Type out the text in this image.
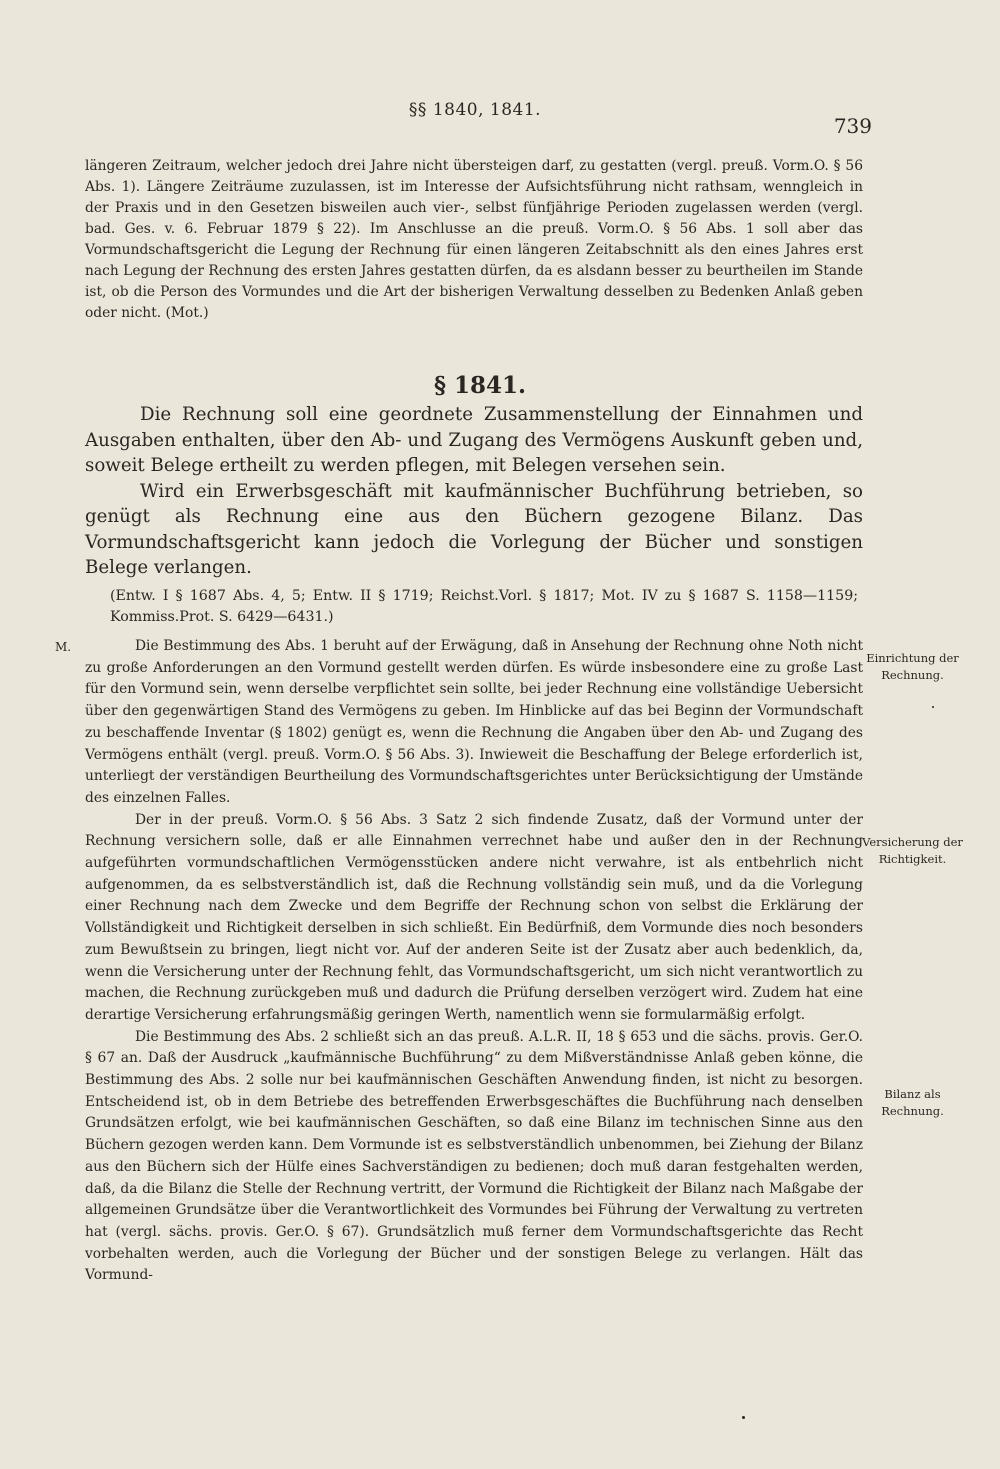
§§ 1840, 1841.
739

längeren Zeitraum, welcher jedoch drei Jahre nicht übersteigen darf, zu gestatten (vergl. preuß. Vorm.O. § 56 Abs. 1). Längere Zeiträume zuzulassen, ist im Interesse der Aufsichtsführung nicht rathsam, wenngleich in der Praxis und in den Gesetzen bisweilen auch vier-, selbst fünfjährige Perioden zugelassen werden (vergl. bad. Ges. v. 6. Februar 1879 § 22). Im Anschlusse an die preuß. Vorm.O. § 56 Abs. 1 soll aber das Vormundschaftsgericht die Legung der Rechnung für einen längeren Zeitabschnitt als den eines Jahres erst nach Legung der Rechnung des ersten Jahres gestatten dürfen, da es alsdann besser zu beurtheilen im Stande ist, ob die Person des Vormundes und die Art der bisherigen Verwaltung desselben zu Bedenken Anlaß geben oder nicht. (Mot.)

§ 1841.

Die Rechnung soll eine geordnete Zusammenstellung der Einnahmen und Ausgaben enthalten, über den Ab- und Zugang des Vermögens Auskunft geben und, soweit Belege ertheilt zu werden pflegen, mit Belegen versehen sein.

Wird ein Erwerbsgeschäft mit kaufmännischer Buchführung betrieben, so genügt als Rechnung eine aus den Büchern gezogene Bilanz. Das Vormundschaftsgericht kann jedoch die Vorlegung der Bücher und sonstigen Belege verlangen.

(Entw. I § 1687 Abs. 4, 5; Entw. II § 1719; Reichst.Vorl. § 1817; Mot. IV zu § 1687 S. 1158—1159; Kommiss.Prot. S. 6429—6431.)

M.	Die Bestimmung des Abs. 1 beruht auf der Erwägung, daß in Ansehung der Rechnung ohne Noth nicht zu große Anforderungen an den Vormund gestellt werden dürfen. Es würde insbesondere eine zu große Last für den Vormund sein, wenn derselbe verpflichtet sein sollte, bei jeder Rechnung eine vollständige Uebersicht über den gegenwärtigen Stand des Vermögens zu geben. Im Hinblicke auf das bei Beginn der Vormundschaft zu beschaffende Inventar (§ 1802) genügt es, wenn die Rechnung die Angaben über den Ab- und Zugang des Vermögens enthält (vergl. preuß. Vorm.O. § 56 Abs. 3). Inwieweit die Beschaffung der Belege erforderlich ist, unterliegt der verständigen Beurtheilung des Vormundschaftsgerichtes unter Berücksichtigung der Umstände des einzelnen Falles.

Der in der preuß. Vorm.O. § 56 Abs. 3 Satz 2 sich findende Zusatz, daß der Vormund unter der Rechnung versichern solle, daß er alle Einnahmen verrechnet habe und außer den in der Rechnung aufgeführten vormundschaftlichen Vermögensstücken andere nicht verwahre, ist als entbehrlich nicht aufgenommen, da es selbstverständlich ist, daß die Rechnung vollständig sein muß, und da die Vorlegung einer Rechnung nach dem Zwecke und dem Begriffe der Rechnung schon von selbst die Erklärung der Vollständigkeit und Richtigkeit derselben in sich schließt. Ein Bedürfniß, dem Vormunde dies noch besonders zum Bewußtsein zu bringen, liegt nicht vor. Auf der anderen Seite ist der Zusatz aber auch bedenklich, da, wenn die Versicherung unter der Rechnung fehlt, das Vormundschaftsgericht, um sich nicht verantwortlich zu machen, die Rechnung zurückgeben muß und dadurch die Prüfung derselben verzögert wird. Zudem hat eine derartige Versicherung erfahrungsmäßig geringen Werth, namentlich wenn sie formularmäßig erfolgt.

Die Bestimmung des Abs. 2 schließt sich an das preuß. A.L.R. II, 18 § 653 und die sächs. provis. Ger.O. § 67 an. Daß der Ausdruck „kaufmännische Buchführung“ zu dem Mißverständnisse Anlaß geben könne, die Bestimmung des Abs. 2 solle nur bei kaufmännischen Geschäften Anwendung finden, ist nicht zu besorgen. Entscheidend ist, ob in dem Betriebe des betreffenden Erwerbsgeschäftes die Buchführung nach denselben Grundsätzen erfolgt, wie bei kaufmännischen Geschäften, so daß eine Bilanz im technischen Sinne aus den Büchern gezogen werden kann. Dem Vormunde ist es selbstverständlich unbenommen, bei Ziehung der Bilanz aus den Büchern sich der Hülfe eines Sachverständigen zu bedienen; doch muß daran festgehalten werden, daß, da die Bilanz die Stelle der Rechnung vertritt, der Vormund die Richtigkeit der Bilanz nach Maßgabe der allgemeinen Grundsätze über die Verantwortlichkeit des Vormundes bei Führung der Verwaltung zu vertreten hat (vergl. sächs. provis. Ger.O. § 67). Grundsätzlich muß ferner dem Vormundschaftsgerichte das Recht vorbehalten werden, auch die Vorlegung der Bücher und der sonstigen Belege zu verlangen. Hält das Vormund-

Einrichtung der Rechnung.
Versicherung der Richtigkeit.
Bilanz als Rechnung.
